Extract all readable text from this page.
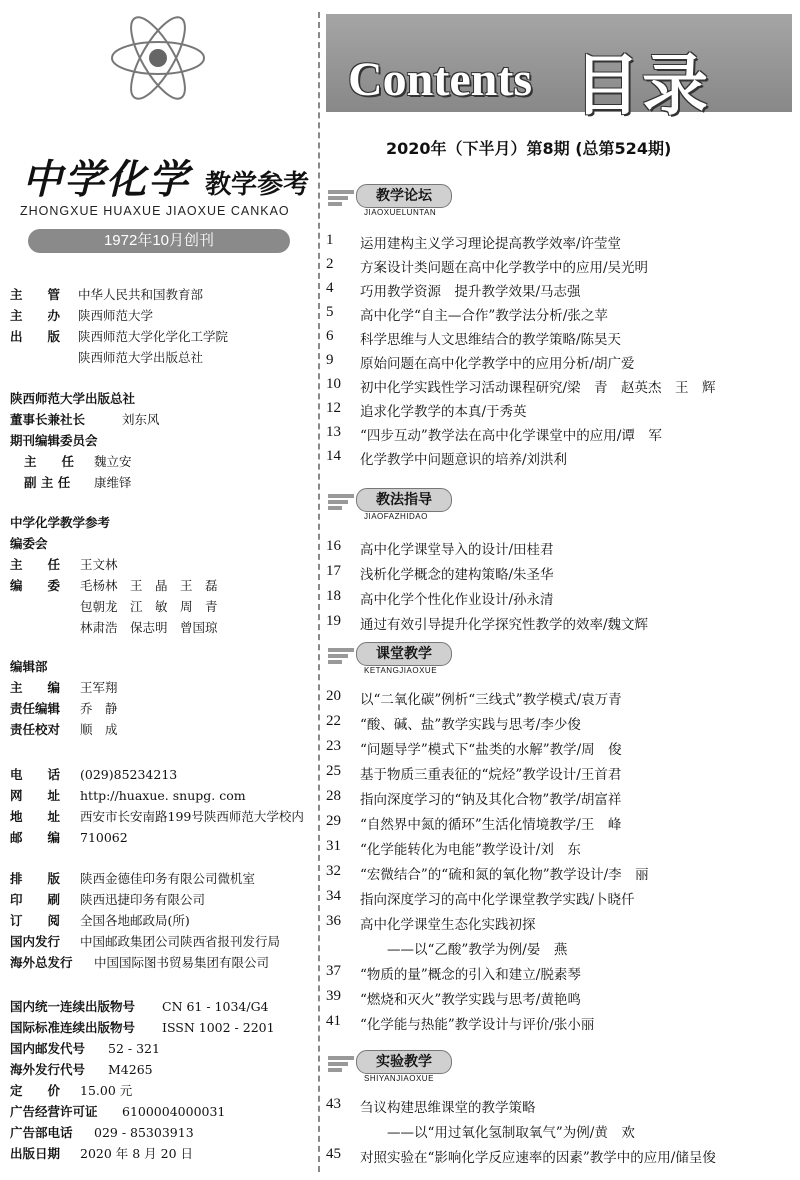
中学化学 教学参考
ZHONGXUE HUAXUE JIAOXUE CANKAO
1972年10月创刊
主　　管 中华人民共和国教育部
主　　办 陕西师范大学
出　　版 陕西师范大学化学化工学院
陕西师范大学出版总社
陕西师范大学出版总社
董事长兼社长	刘东风
期刊编辑委员会
主　　任 魏立安
副 主 任 康维铎
中学化学教学参考
编委会
主　　任 王文林
编　　委 毛杨林　王　晶　王　磊
包朝龙　江　敏　周　青
林肃浩　保志明　曾国琼
编辑部
主　　编 王军翔
责任编辑 乔　静
责任校对 顺　成
电　　话 (029)85234213
网　　址 http://huaxue. snupg. com
地　　址 西安市长安南路199号陕西师范大学校内
邮　　编 710062
排　　版 陕西金德佳印务有限公司微机室
印　　刷 陕西迅捷印务有限公司
订　　阅 全国各地邮政局(所)
国内发行 中国邮政集团公司陕西省报刊发行局
海外总发行 中国国际图书贸易集团有限公司
国内统一连续出版物号 CN 61 - 1034/G4
国际标准连续出版物号 ISSN 1002 - 2201
国内邮发代号 52 - 321
海外发行代号 M4265
定　　价 15.00 元
广告经营许可证 6100004000031
广告部电话 029 - 85303913
出版日期 2020 年 8 月 20 日
Contents 目录
2020年（下半月）第8期 (总第524期)
教学论坛
JIAOXUELUNTAN
1	运用建构主义学习理论提高教学效率/许莹堂
2	方案设计类问题在高中化学教学中的应用/吴光明
4	巧用教学资源　提升教学效果/马志强
5	高中化学“自主—合作”教学法分析/张之苹
6	科学思维与人文思维结合的教学策略/陈昊天
9	原始问题在高中化学教学中的应用分析/胡广爱
10	初中化学实践性学习活动课程研究/梁　青　赵英杰　王　辉
12	追求化学教学的本真/于秀英
13	“四步互动”教学法在高中化学课堂中的应用/谭　军
14	化学教学中问题意识的培养/刘洪利
教法指导
JIAOFAZHIDAO
16	高中化学课堂导入的设计/田桂君
17	浅析化学概念的建构策略/朱圣华
18	高中化学个性化作业设计/孙永清
19	通过有效引导提升化学探究性教学的效率/魏文辉
课堂教学
KETANGJIAOXUE
20	以“二氧化碳”例析“三线式”教学模式/袁万青
22	“酸、碱、盐”教学实践与思考/李少俊
23	“问题导学”模式下“盐类的水解”教学/周　俊
25	基于物质三重表征的“烷烃”教学设计/王首君
28	指向深度学习的“钠及其化合物”教学/胡富祥
29	“自然界中氮的循环”生活化情境教学/王　峰
31	“化学能转化为电能”教学设计/刘　东
32	“宏微结合”的“硫和氮的氧化物”教学设计/李　丽
34	指向深度学习的高中化学课堂教学实践/卜晓仟
36	高中化学课堂生态化实践初探
　　——以“乙酸”教学为例/晏　燕
37	“物质的量”概念的引入和建立/脱素琴
39	“燃烧和灭火”教学实践与思考/黄艳鸣
41	“化学能与热能”教学设计与评价/张小丽
实验教学
SHIYANJIAOXUE
43	刍议构建思维课堂的教学策略
　　——以“用过氧化氢制取氧气”为例/黄　欢
45	对照实验在“影响化学反应速率的因素”教学中的应用/储呈俊
